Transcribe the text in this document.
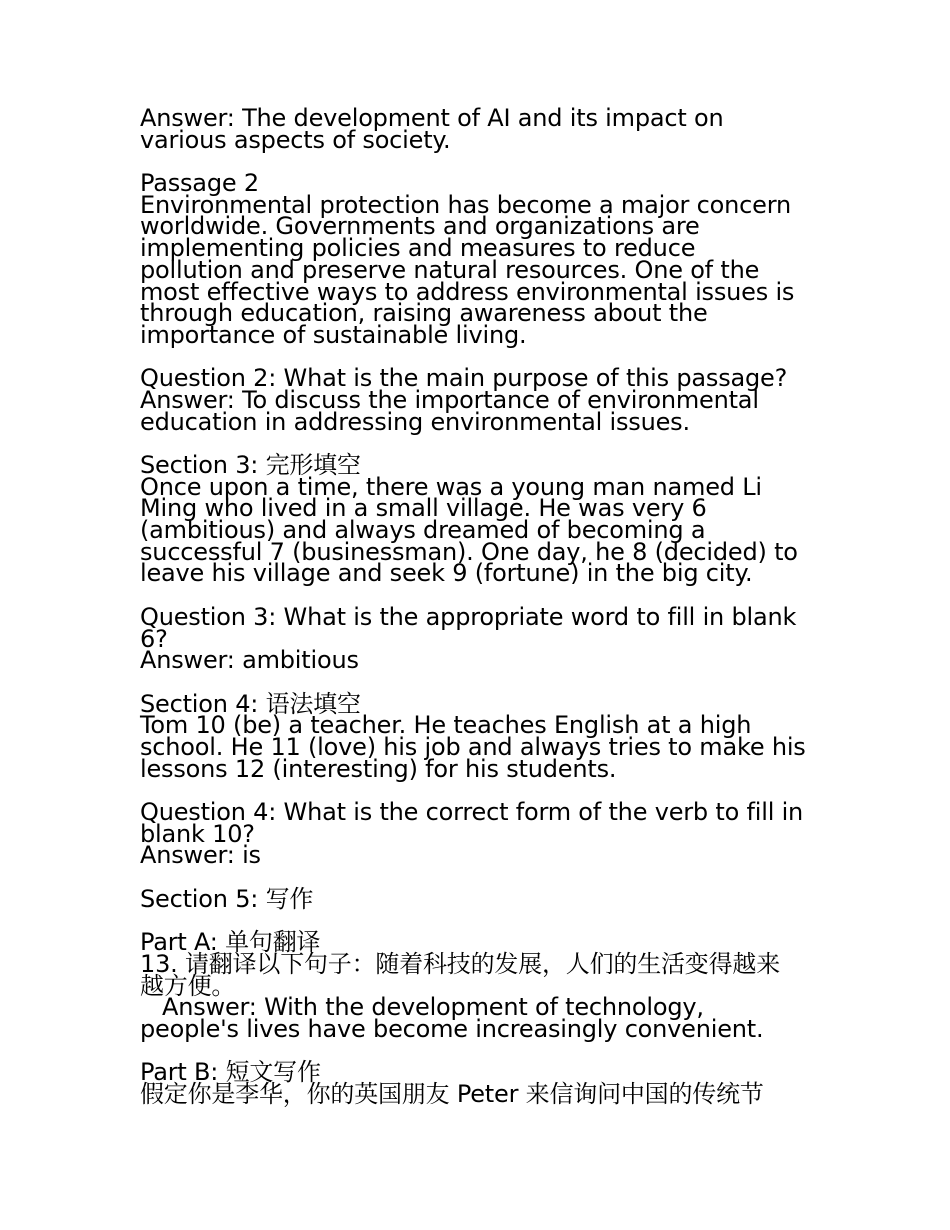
Answer: The development of AI and its impact on
various aspects of society.
Passage 2
Environmental protection has become a major concern
worldwide. Governments and organizations are
implementing policies and measures to reduce
pollution and preserve natural resources. One of the
most effective ways to address environmental issues is
through education, raising awareness about the
importance of sustainable living.
Question 2: What is the main purpose of this passage?
Answer: To discuss the importance of environmental
education in addressing environmental issues.
Section 3: 完形填空
Once upon a time, there was a young man named Li
Ming who lived in a small village. He was very 6
(ambitious) and always dreamed of becoming a
successful 7 (businessman). One day, he 8 (decided) to
leave his village and seek 9 (fortune) in the big city.
Question 3: What is the appropriate word to fill in blank
6?
Answer: ambitious
Section 4: 语法填空
Tom 10 (be) a teacher. He teaches English at a high
school. He 11 (love) his job and always tries to make his
lessons 12 (interesting) for his students.
Question 4: What is the correct form of the verb to fill in
blank 10?
Answer: is
Section 5: 写作
Part A: 单句翻译
13. 请翻译以下句子：随着科技的发展，人们的生活变得越来
越方便。
Answer: With the development of technology,
people's lives have become increasingly convenient.
Part B: 短文写作
假定你是李华，你的英国朋友 Peter 来信询问中国的传统节
